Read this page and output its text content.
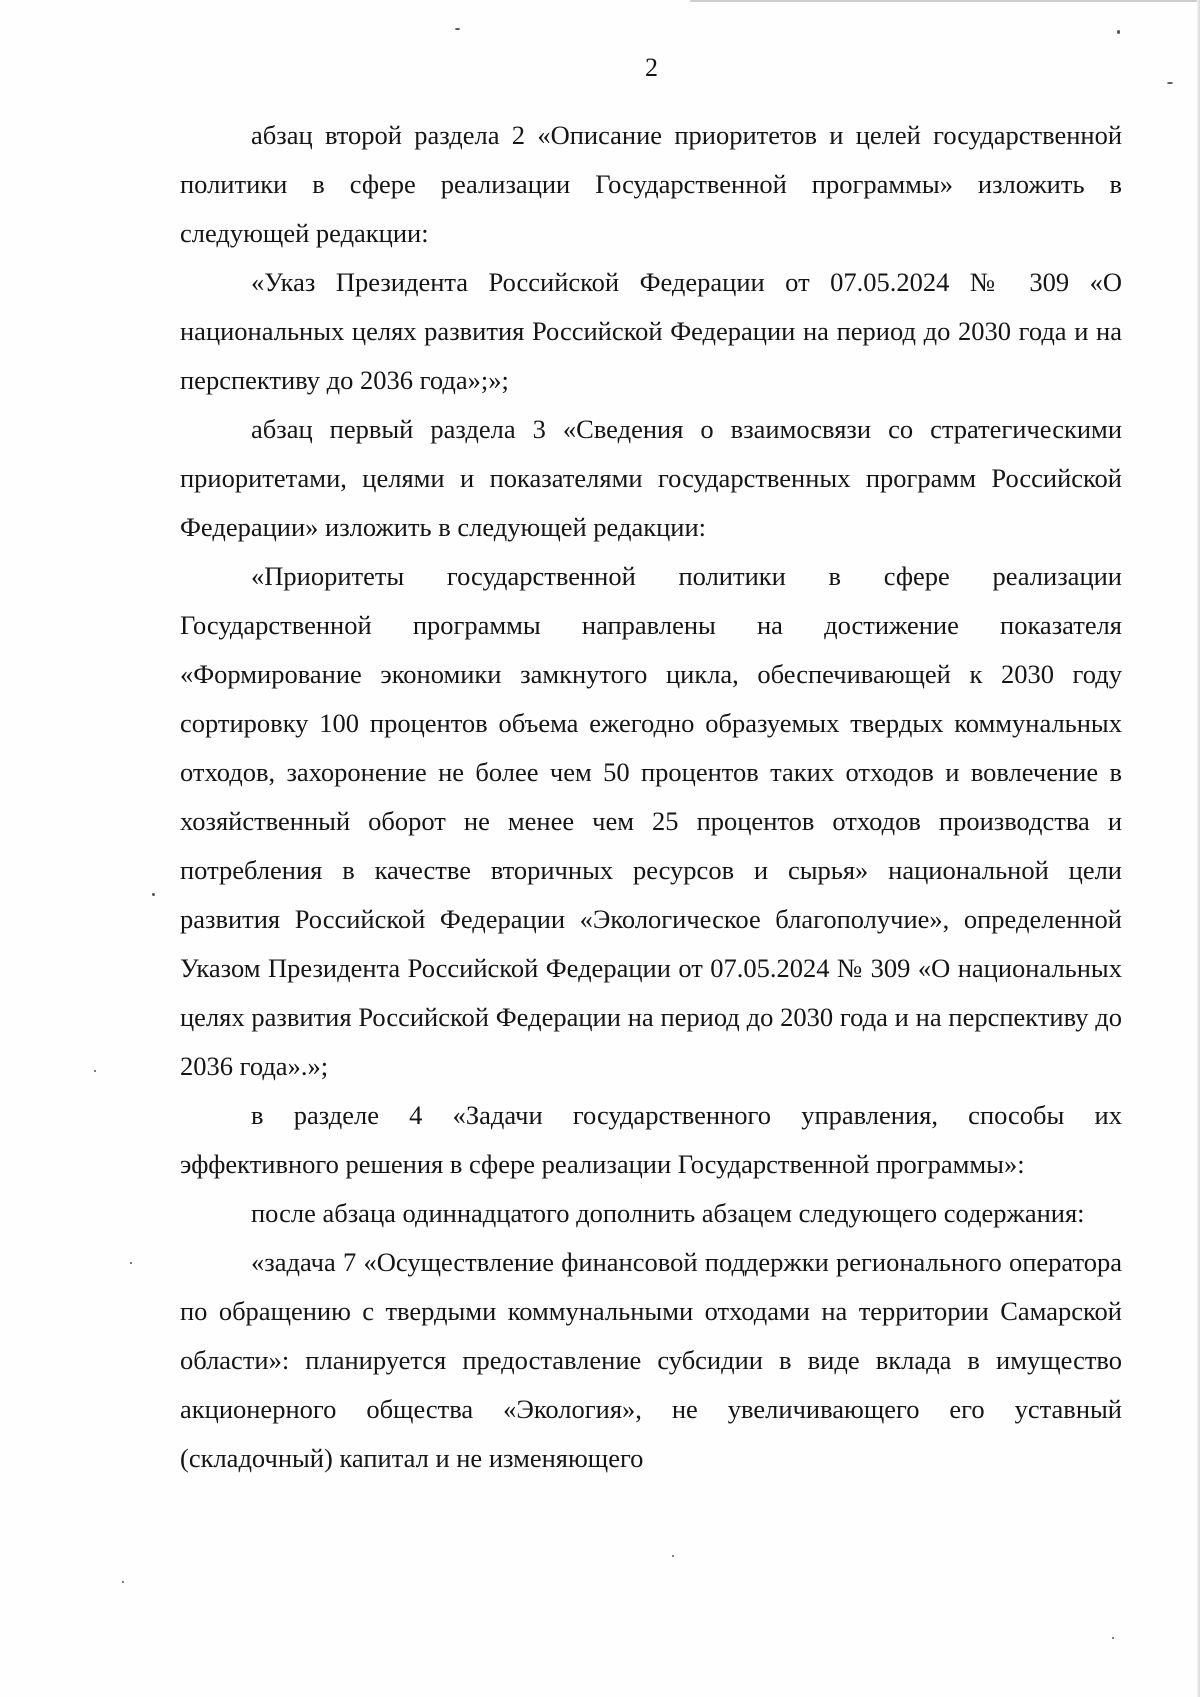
2

абзац второй раздела 2 «Описание приоритетов и целей государственной политики в сфере реализации Государственной программы» изложить в следующей редакции:

«Указ Президента Российской Федерации от 07.05.2024 № 309 «О национальных целях развития Российской Федерации на период до 2030 года и на перспективу до 2036 года»;»;

абзац первый раздела 3 «Сведения о взаимосвязи со стратегическими приоритетами, целями и показателями государственных программ Российской Федерации» изложить в следующей редакции:

«Приоритеты государственной политики в сфере реализации Государственной программы направлены на достижение показателя «Формирование экономики замкнутого цикла, обеспечивающей к 2030 году сортировку 100 процентов объема ежегодно образуемых твердых коммунальных отходов, захоронение не более чем 50 процентов таких отходов и вовлечение в хозяйственный оборот не менее чем 25 процентов отходов производства и потребления в качестве вторичных ресурсов и сырья» национальной цели развития Российской Федерации «Экологическое благополучие», определенной Указом Президента Российской Федерации от 07.05.2024 № 309 «О национальных целях развития Российской Федерации на период до 2030 года и на перспективу до 2036 года».»;

в разделе 4 «Задачи государственного управления, способы их эффективного решения в сфере реализации Государственной программы»:

после абзаца одиннадцатого дополнить абзацем следующего содержания:

«задача 7 «Осуществление финансовой поддержки регионального оператора по обращению с твердыми коммунальными отходами на территории Самарской области»: планируется предоставление субсидии в виде вклада в имущество акционерного общества «Экология», не увеличивающего его уставный (складочный) капитал и не изменяющего
